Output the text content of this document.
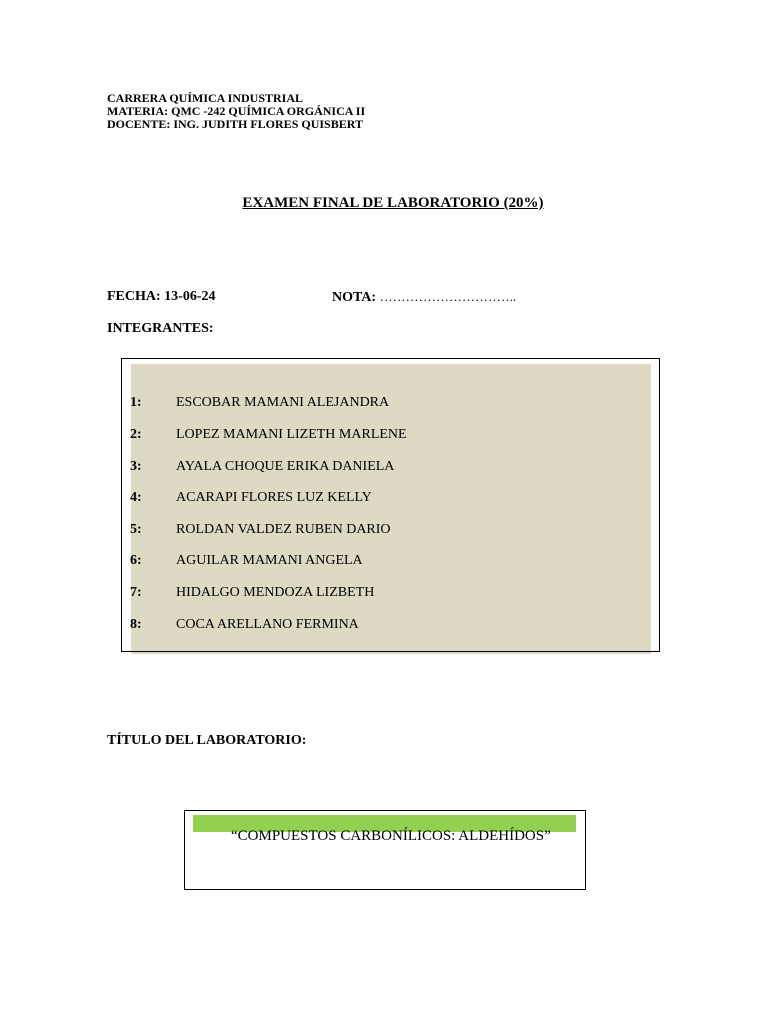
CARRERA QUÍMICA INDUSTRIAL
MATERIA: QMC -242 QUÍMICA ORGÁNICA II
DOCENTE: ING. JUDITH FLORES QUISBERT
EXAMEN FINAL DE LABORATORIO (20%)
FECHA: 13-06-24	NOTA: …………………………..
INTEGRANTES:
1: ESCOBAR MAMANI ALEJANDRA
2: LOPEZ MAMANI LIZETH MARLENE
3: AYALA CHOQUE ERIKA DANIELA
4: ACARAPI FLORES LUZ KELLY
5: ROLDAN VALDEZ RUBEN DARIO
6: AGUILAR MAMANI ANGELA
7: HIDALGO MENDOZA LIZBETH
8: COCA ARELLANO FERMINA
TÍTULO DEL LABORATORIO:
“COMPUESTOS CARBONÍLICOS: ALDEHÍDOS”
